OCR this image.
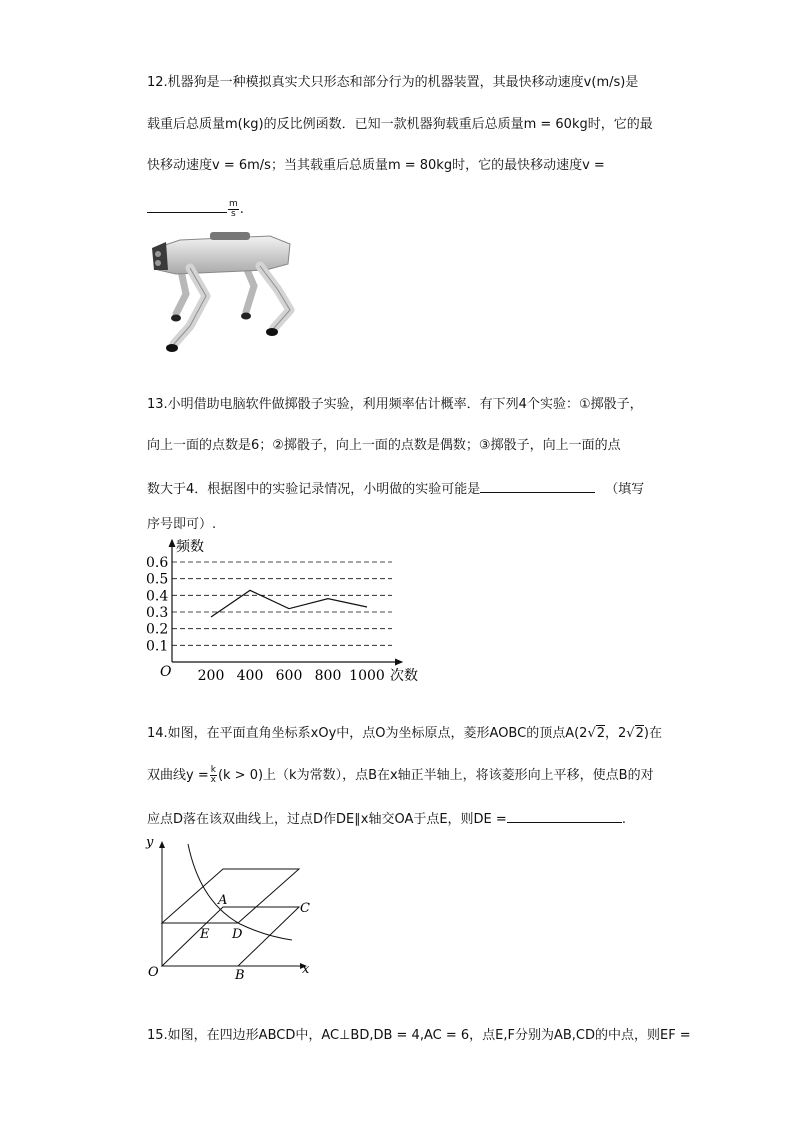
12.机器狗是一种模拟真实犬只形态和部分行为的机器装置，其最快移动速度v(m/s)是
载重后总质量m(kg)的反比例函数．已知一款机器狗载重后总质量m = 60kg时，它的最
快移动速度v = 6m/s；当其载重后总质量m = 80kg时，它的最快移动速度v =
$\frac{m}{s}$ .
13.小明借助电脑软件做掷骰子实验，利用频率估计概率．有下列4个实验：①掷骰子，
向上一面的点数是6；②掷骰子，向上一面的点数是偶数；③掷骰子，向上一面的点
数大于4．根据图中的实验记录情况，小明做的实验可能是	（填写
序号即可）.
0.1
0.2
0.3
0.4
0.5
0.6
200 400 600 800 1000
频数
次数
O
14.如图，在平面直角坐标系xOy中，点O为坐标原点，菱形AOBC的顶点A(2√2，2√2)在
双曲线$y = \frac{k}{x} (k > 0)$上（k为常数），点B在x轴正半轴上，将该菱形向上平移，使点B的对
应点D落在该双曲线上，过点D作DE∥x轴交OA于点E，则DE =	.
y
x
O
A
C
E D
B
15.如图，在四边形ABCD中，AC⊥BD,DB = 4,AC = 6，点E,F分别为AB,CD的中点，则EF =
